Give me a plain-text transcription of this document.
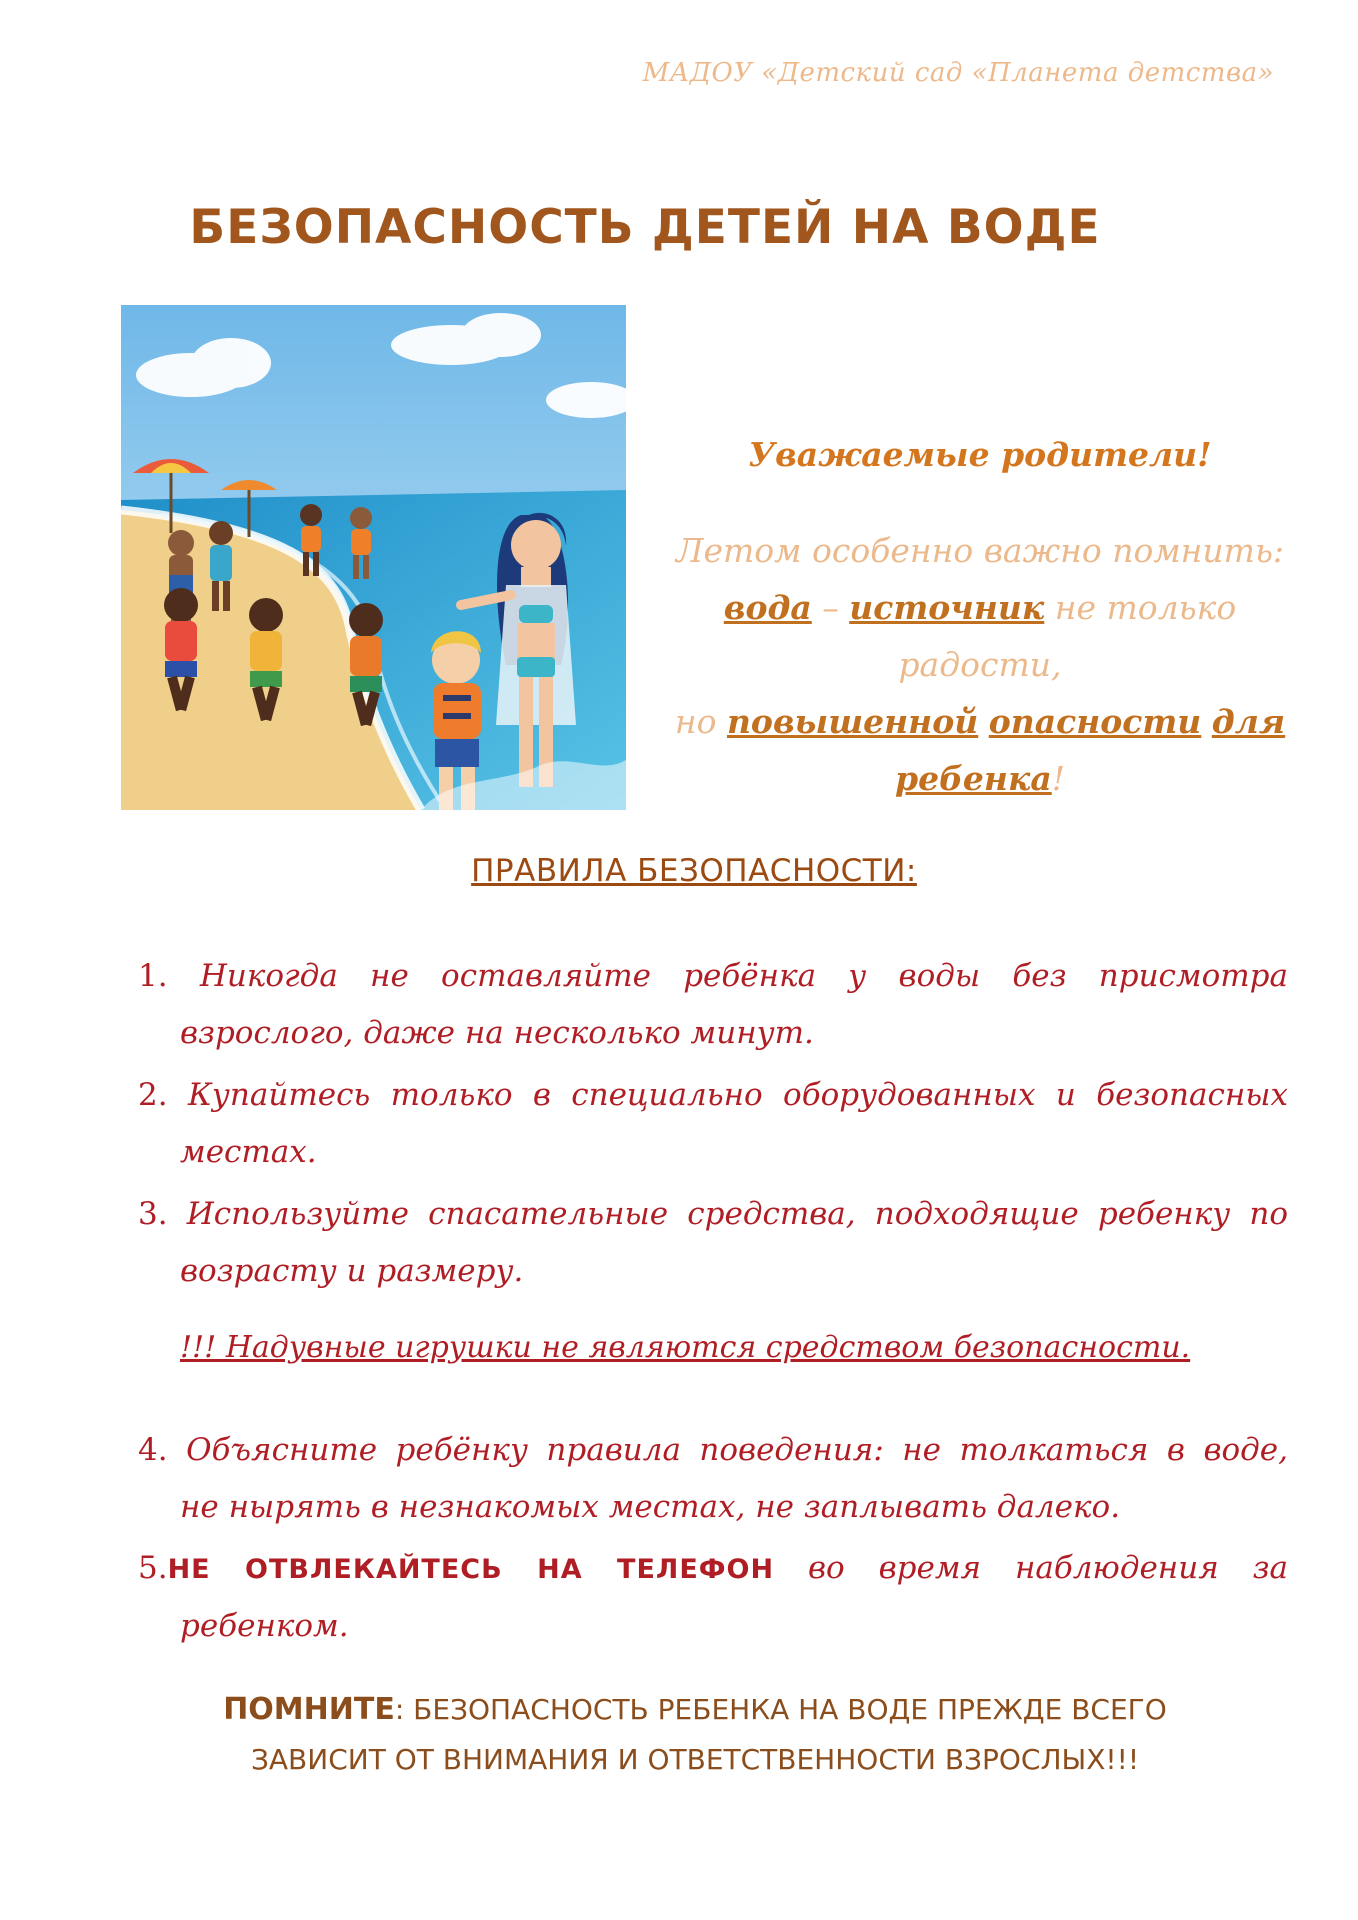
МАДОУ «Детский сад «Планета детства»
БЕЗОПАСНОСТЬ ДЕТЕЙ НА ВОДЕ
Уважаемые родители!
Летом особенно важно помнить:
вода – источник не только радости,
но повышенной опасности для
ребенка!
ПРАВИЛА БЕЗОПАСНОСТИ:
1. Никогда не оставляйте ребёнка у воды без присмотра
взрослого, даже на несколько минут.
2. Купайтесь только в специально оборудованных и безопасных
местах.
3. Используйте спасательные средства, подходящие ребенку по
возрасту и размеру.
4. Объясните ребёнку правила поведения: не толкаться в воде,
не нырять в незнакомых местах, не заплывать далеко.
5.НЕ ОТВЛЕКАЙТЕСЬ НА ТЕЛЕФОН во время наблюдения за
ребенком.
!!! Надувные игрушки не являются средством безопасности.
ПОМНИТЕ: БЕЗОПАСНОСТЬ РЕБЕНКА НА ВОДЕ ПРЕЖДЕ ВСЕГО
ЗАВИСИТ ОТ ВНИМАНИЯ И ОТВЕТСТВЕННОСТИ ВЗРОСЛЫХ!!!
